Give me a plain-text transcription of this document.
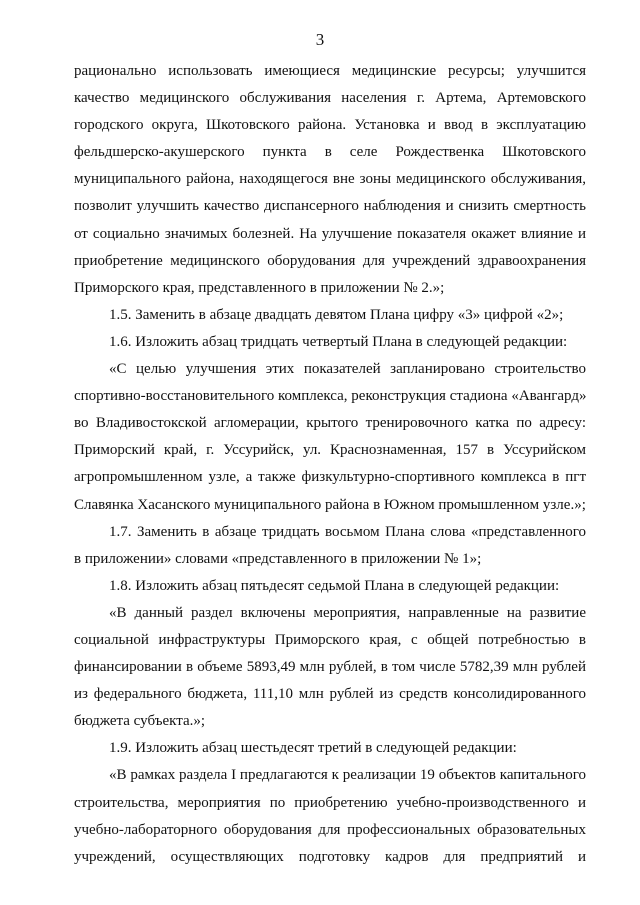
3
рационально использовать имеющиеся медицинские ресурсы; улучшится
качество медицинского обслуживания населения г. Артема, Артемовского
городского округа, Шкотовского района. Установка и ввод в эксплуатацию
фельдшерско-акушерского пункта в селе Рождественка Шкотовского
муниципального района, находящегося вне зоны медицинского обслуживания,
позволит улучшить качество диспансерного наблюдения и снизить смертность
от социально значимых болезней. На улучшение показателя окажет влияние и
приобретение медицинского оборудования для учреждений здравоохранения
Приморского края, представленного в приложении № 2.»;
1.5. Заменить в абзаце двадцать девятом Плана цифру «3» цифрой «2»;
1.6. Изложить абзац тридцать четвертый Плана в следующей редакции:
«С целью улучшения этих показателей запланировано строительство
спортивно-восстановительного комплекса, реконструкция стадиона «Авангард»
во Владивостокской агломерации, крытого тренировочного катка по адресу:
Приморский край, г. Уссурийск, ул. Краснознаменная, 157 в Уссурийском
агропромышленном узле, а также физкультурно-спортивного комплекса в пгт
Славянка Хасанского муниципального района в Южном промышленном узле.»;
1.7. Заменить в абзаце тридцать восьмом Плана слова «представленного
в приложении» словами «представленного в приложении № 1»;
1.8. Изложить абзац пятьдесят седьмой Плана в следующей редакции:
«В данный раздел включены мероприятия, направленные на развитие
социальной инфраструктуры Приморского края, с общей потребностью в
финансировании в объеме 5893,49 млн рублей, в том числе 5782,39 млн рублей
из федерального бюджета, 111,10 млн рублей из средств консолидированного
бюджета субъекта.»;
1.9. Изложить абзац шестьдесят третий в следующей редакции:
«В рамках раздела I предлагаются к реализации 19 объектов капитального
строительства, мероприятия по приобретению учебно-производственного и
учебно-лабораторного оборудования для профессиональных образовательных
учреждений, осуществляющих подготовку кадров для предприятий и
